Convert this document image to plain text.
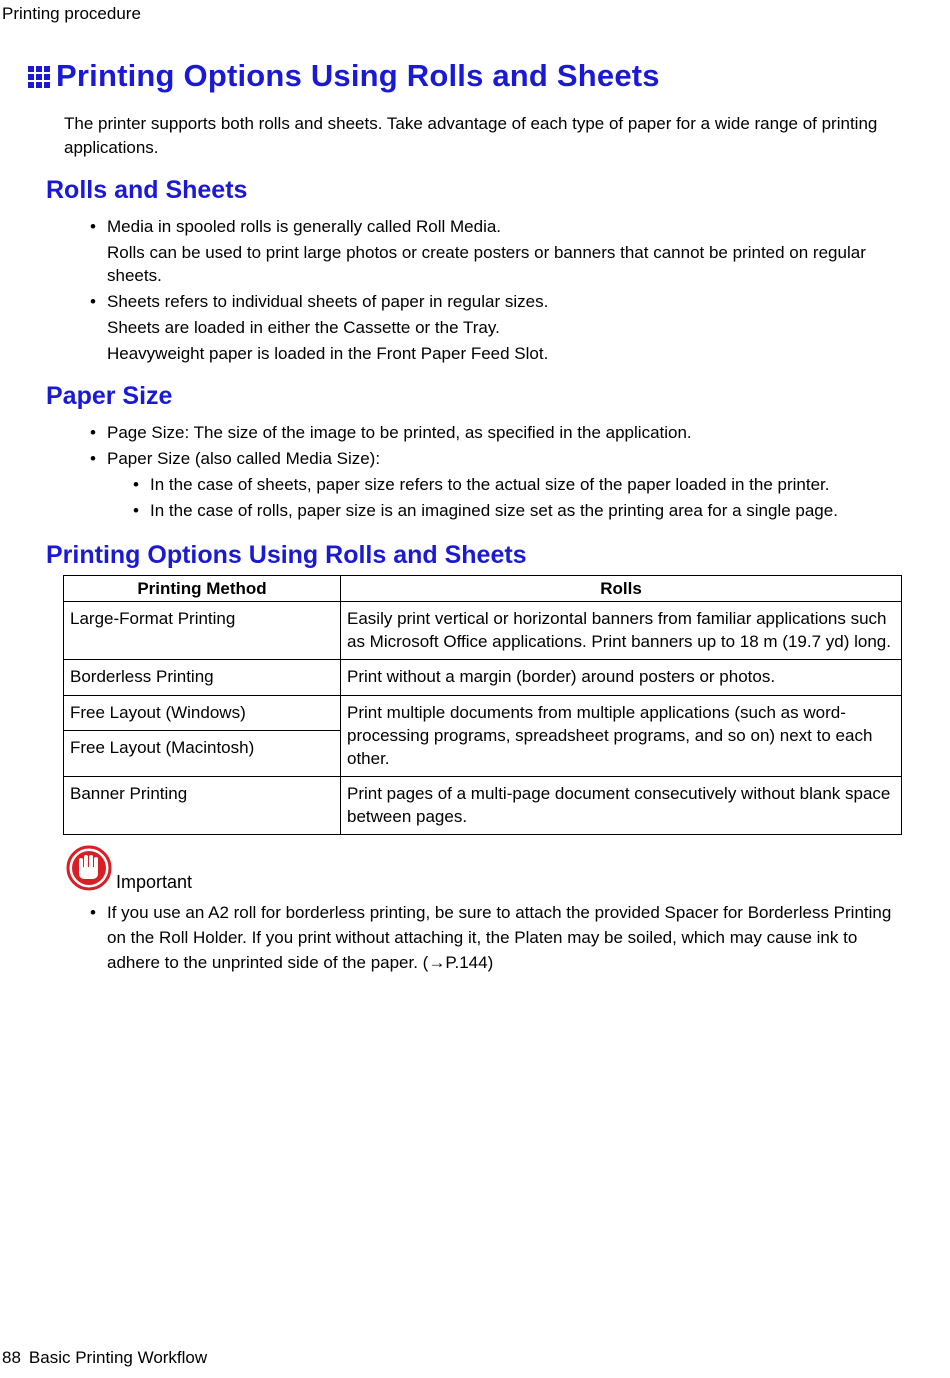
Printing procedure
Printing Options Using Rolls and Sheets
The printer supports both rolls and sheets. Take advantage of each type of paper for a wide range of printing applications.
Rolls and Sheets
• Media in spooled rolls is generally called Roll Media.
Rolls can be used to print large photos or create posters or banners that cannot be printed on regular sheets.
• Sheets refers to individual sheets of paper in regular sizes.
Sheets are loaded in either the Cassette or the Tray.
Heavyweight paper is loaded in the Front Paper Feed Slot.
Paper Size
• Page Size: The size of the image to be printed, as specified in the application.
• Paper Size (also called Media Size):
• In the case of sheets, paper size refers to the actual size of the paper loaded in the printer.
• In the case of rolls, paper size is an imagined size set as the printing area for a single page.
Printing Options Using Rolls and Sheets
Printing Method	Rolls
Large-Format Printing	Easily print vertical or horizontal banners from familiar applications such as Microsoft Office applications. Print banners up to 18 m (19.7 yd) long.
Borderless Printing	Print without a margin (border) around posters or photos.
Free Layout (Windows)	Print multiple documents from multiple applications (such as word-processing programs, spreadsheet programs, and so on) next to each other.
Free Layout (Macintosh)	
Banner Printing	Print pages of a multi-page document consecutively without blank space between pages.
Important
• If you use an A2 roll for borderless printing, be sure to attach the provided Spacer for Borderless Printing on the Roll Holder. If you print without attaching it, the Platen may be soiled, which may cause ink to adhere to the unprinted side of the paper. (→P.144)
88 Basic Printing Workflow
